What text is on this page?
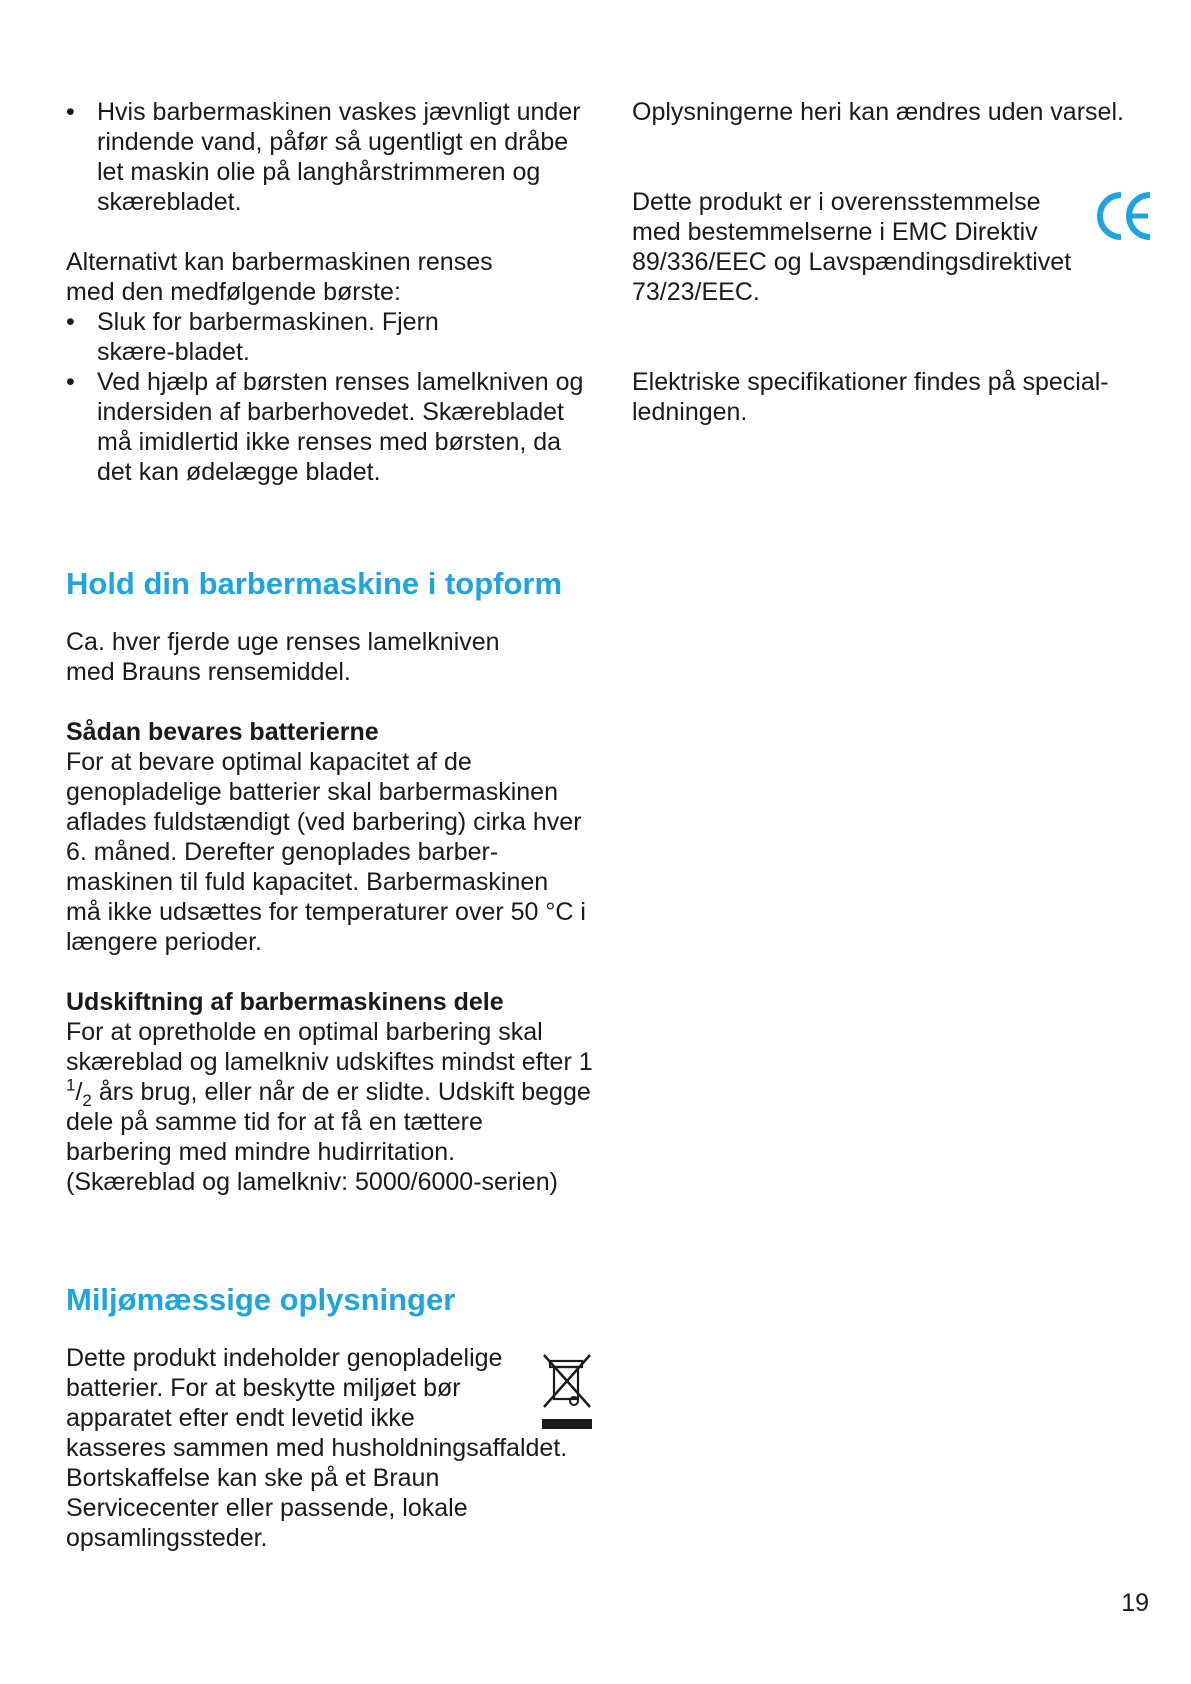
• Hvis barbermaskinen vaskes jævnligt under rindende vand, påfør så ugentligt en dråbe let maskin olie på langhårstrimmeren og skærebladet.

Alternativt kan barbermaskinen renses med den medfølgende børste:

• Sluk for barbermaskinen. Fjern skære-bladet.
• Ved hjælp af børsten renses lamelkniven og indersiden af barberhovedet. Skærebladet må imidlertid ikke renses med børsten, da det kan ødelægge bladet.
Hold din barbermaskine i topform

Ca. hver fjerde uge renses lamelkniven med Brauns rensemiddel.

Sådan bevares batterierne

For at bevare optimal kapacitet af de genopladelige batterier skal barbermaskinen aflades fuldstændigt (ved barbering) cirka hver 6. måned. Derefter genoplades barber-maskinen til fuld kapacitet. Barbermaskinen må ikke udsættes for temperaturer over 50 °C i længere perioder.

Udskiftning af barbermaskinens dele

For at opretholde en optimal barbering skal skæreblad og lamelkniv udskiftes mindst efter 1 $^1/_2$ års brug, eller når de er slidte. Udskift begge dele på samme tid for at få en tættere barbering med mindre hudirritation.

(Skæreblad og lamelkniv: 5000/6000-serien)

Miljømæssige oplysninger

Dette produkt indeholder genopladelige

batterier. For at beskytte miljøet bør

apparatet efter endt levetid ikke

kasseres sammen med husholdningsaffaldet. Bortskaffelse kan ske på et Braun Servicecenter eller passende, lokale opsamlingssteder.

Oplysningerne heri kan ændres uden varsel.

Dette produkt er i overensstemmelse med bestemmelserne i EMC Direktiv 89/336/EEC og Lavspændingsdirektivet 73/23/EEC.

Elektriske specifikationer findes på special-ledningen.

19
